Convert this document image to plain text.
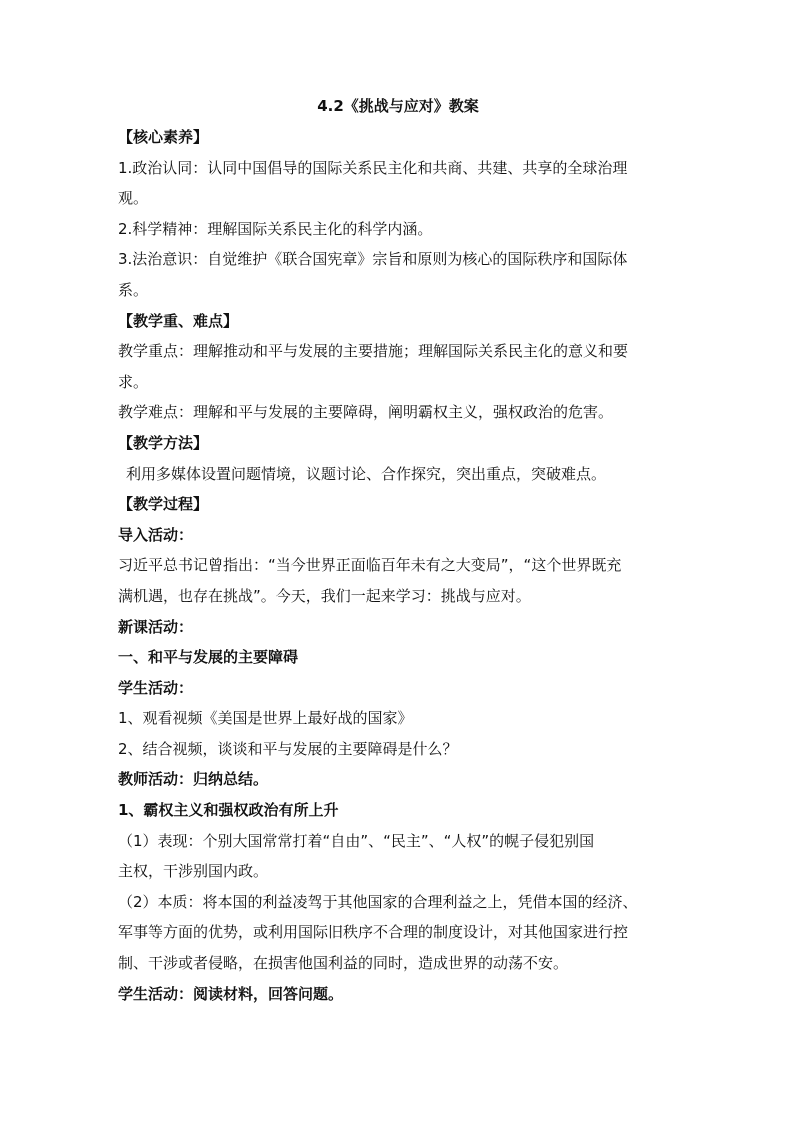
4.2《挑战与应对》教案
【核心素养】
1.政治认同：认同中国倡导的国际关系民主化和共商、共建、共享的全球治理
观。
2.科学精神：理解国际关系民主化的科学内涵。
3.法治意识：自觉维护《联合国宪章》宗旨和原则为核心的国际秩序和国际体
系。
【教学重、难点】
教学重点：理解推动和平与发展的主要措施；理解国际关系民主化的意义和要
求。
教学难点：理解和平与发展的主要障碍，阐明霸权主义，强权政治的危害。
【教学方法】
利用多媒体设置问题情境，议题讨论、合作探究，突出重点，突破难点。
【教学过程】
导入活动：
习近平总书记曾指出：“当今世界正面临百年未有之大变局”，“这个世界既充
满机遇，也存在挑战”。今天，我们一起来学习：挑战与应对。
新课活动：
一、和平与发展的主要障碍
学生活动：
1、观看视频《美国是世界上最好战的国家》
2、结合视频，谈谈和平与发展的主要障碍是什么？
教师活动：归纳总结。
1、霸权主义和强权政治有所上升
（1）表现：个别大国常常打着“自由”、“民主”、“人权”的幌子侵犯别国
主权，干涉别国内政。
（2）本质：将本国的利益凌驾于其他国家的合理利益之上，凭借本国的经济、
军事等方面的优势，或利用国际旧秩序不合理的制度设计，对其他国家进行控
制、干涉或者侵略，在损害他国利益的同时，造成世界的动荡不安。
学生活动：阅读材料，回答问题。
